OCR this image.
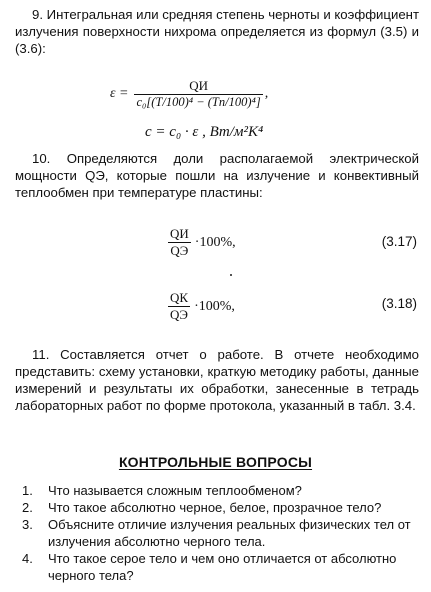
9. Интегральная или средняя степень черноты и коэффициент излучения поверхности нихрома определяется из формул (3.5) и (3.6):

$\varepsilon = \frac{QИ}{\text{c₀[(T/100)⁴ − (Tп/100)⁴]}}$ ,
c = c₀ · ε , Вт/м²K⁴

10. Определяются доли располагаемой электрической мощности QЭ, которые пошли на излучение и конвективный теплообмен при температуре пластины:

$\frac{QИ}{QЭ} \cdot 100\%$,	(3.17)
$\frac{QК}{QЭ} \cdot 100\%$,	(3.18)

11. Составляется отчет о работе. В отчете необходимо представить: схему установки, краткую методику работы, данные измерений и результаты их обработки, занесенные в тетрадь лабораторных работ по форме протокола, указанный в табл. 3.4.

КОНТРОЛЬНЫЕ ВОПРОСЫ
1.	Что называется сложным теплообменом?
2.	Что такое абсолютно черное, белое, прозрачное тело?
3.	Объясните отличие излучения реальных физических тел от излучения абсолютно черного тела.
4.	Что такое серое тело и чем оно отличается от абсолютно черного тела?
